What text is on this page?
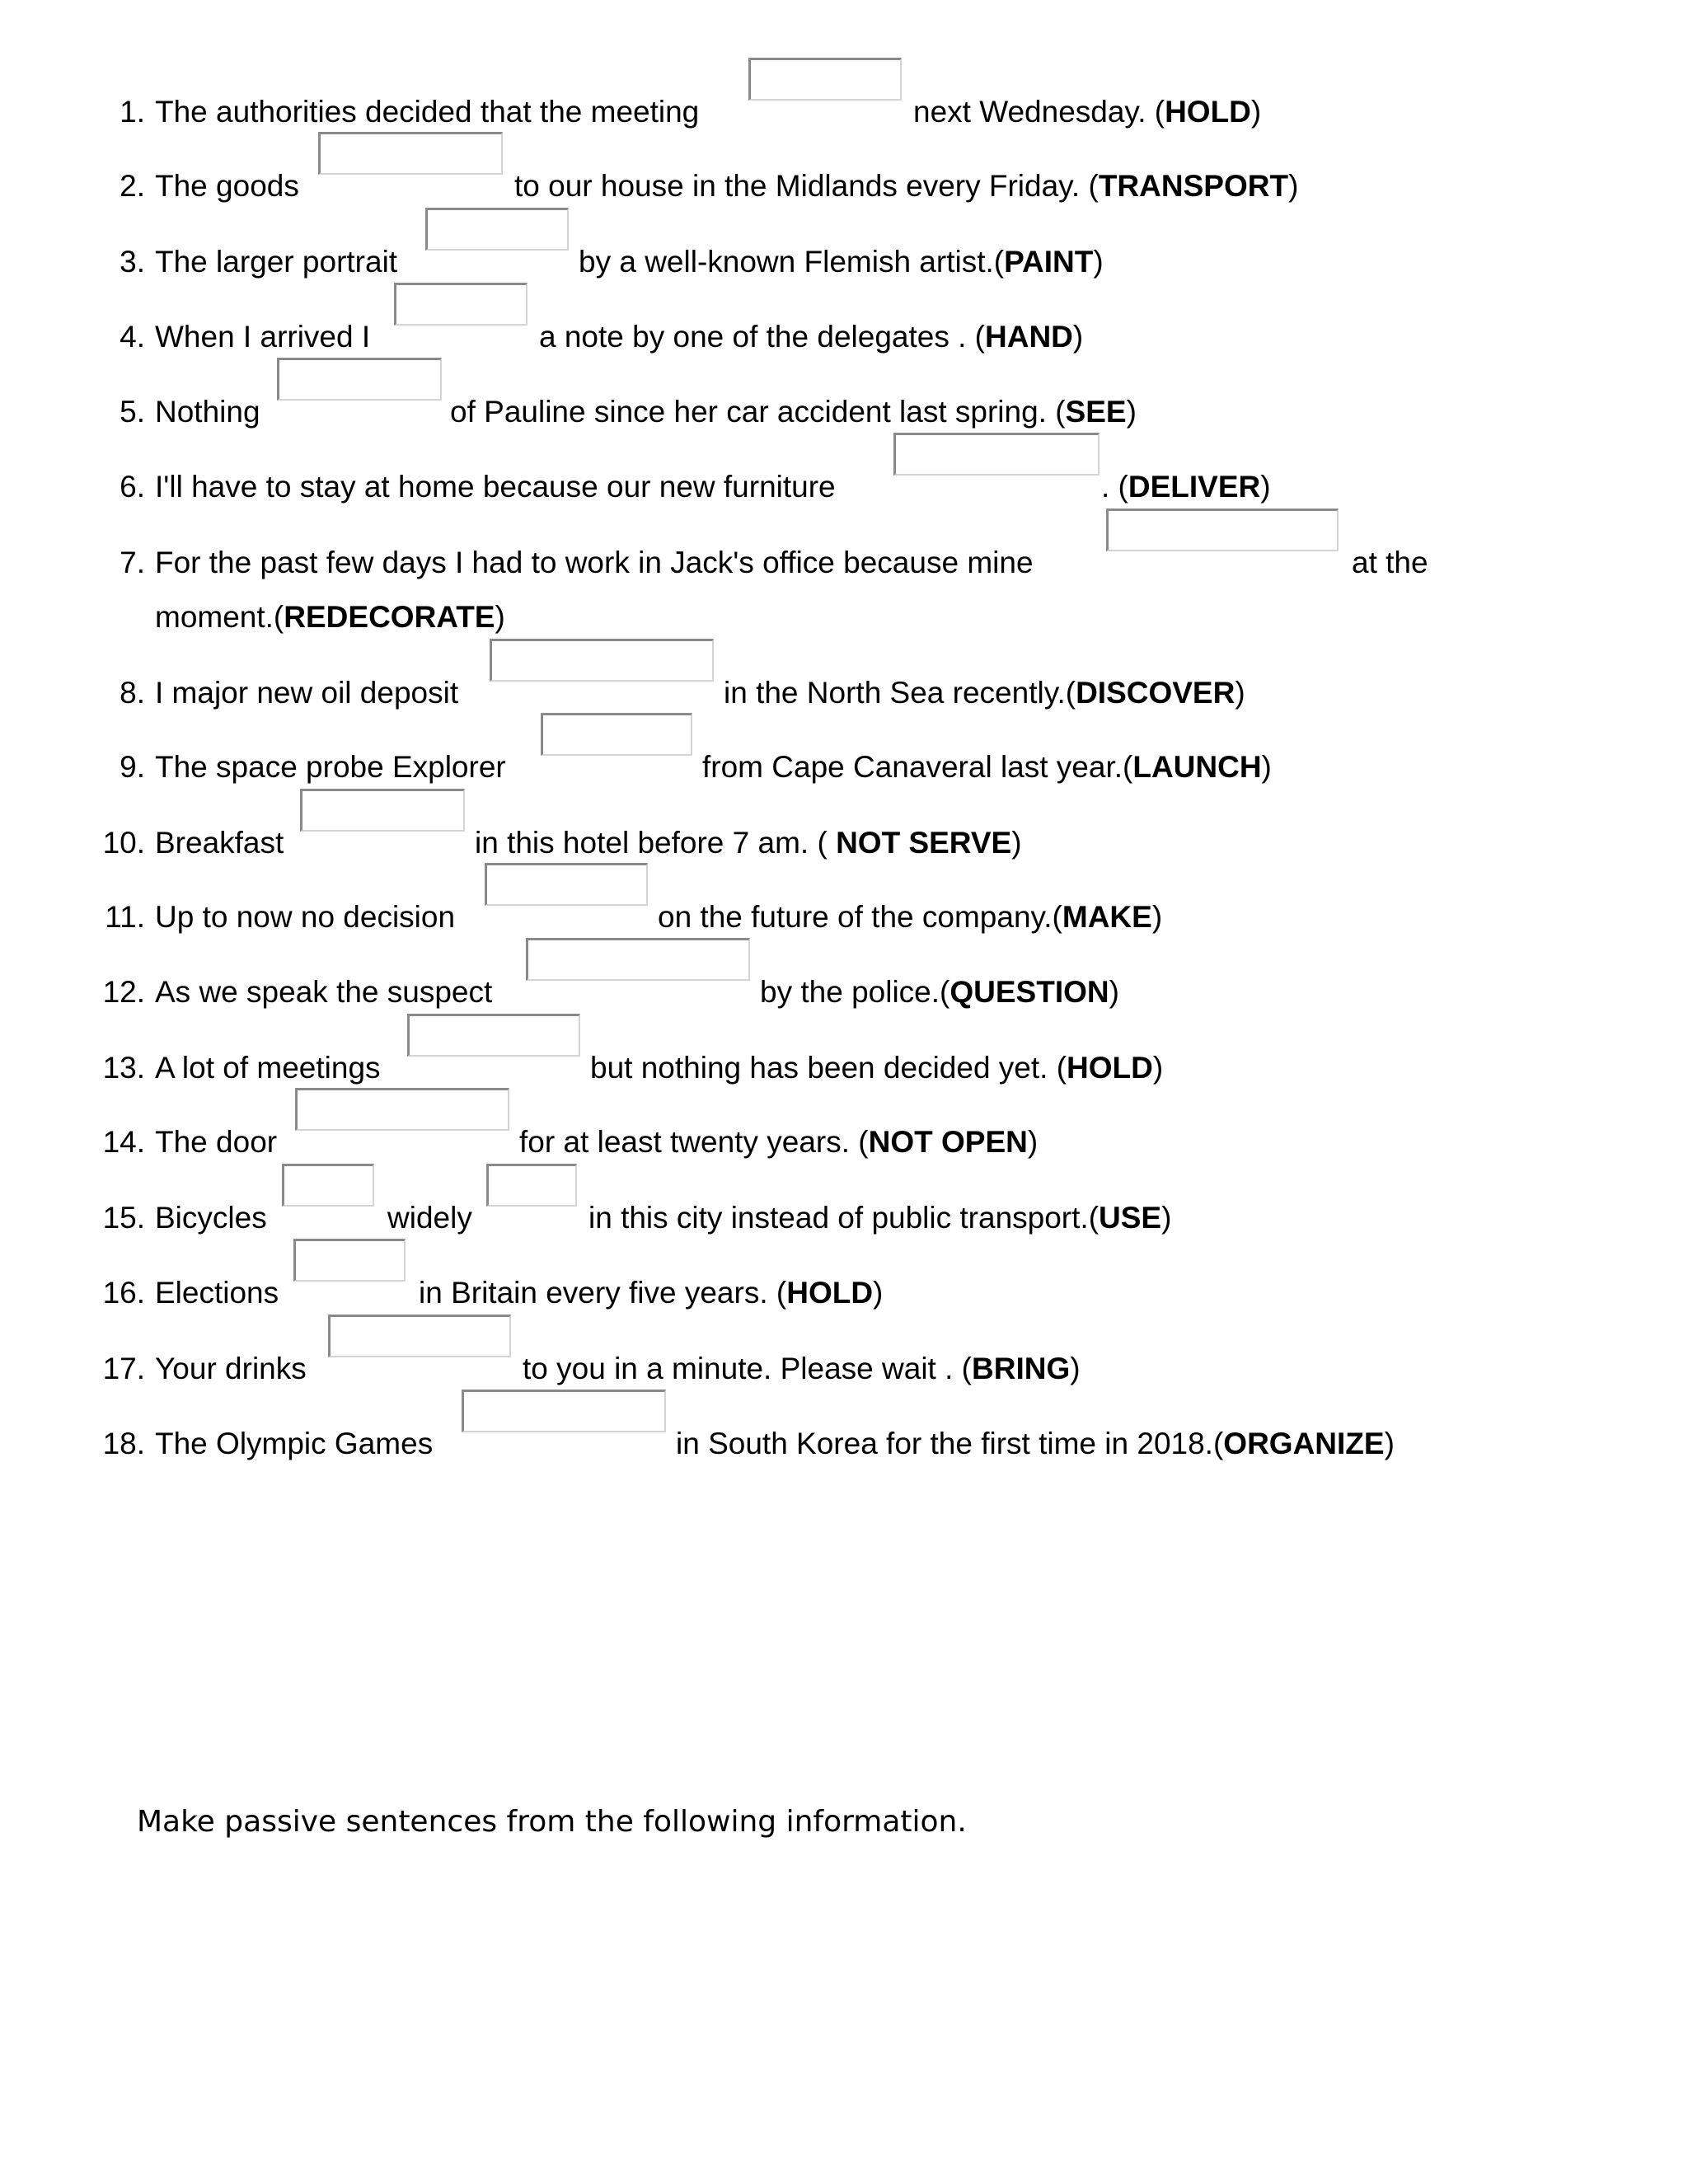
1. The authorities decided that the meeting	next Wednesday. (HOLD)
2. The goods	to our house in the Midlands every Friday. (TRANSPORT)
3. The larger portrait	by a well-known Flemish artist.(PAINT)
4. When I arrived I	a note by one of the delegates . (HAND)
5. Nothing	of Pauline since her car accident last spring. (SEE)
6. I'll have to stay at home because our new furniture	. (DELIVER)
7. For the past few days I had to work in Jack's office because mine	at the
moment.(REDECORATE)
8. I major new oil deposit	in the North Sea recently.(DISCOVER)
9. The space probe Explorer	from Cape Canaveral last year.(LAUNCH)
10. Breakfast	in this hotel before 7 am. ( NOT SERVE)
11. Up to now no decision	on the future of the company.(MAKE)
12. As we speak the suspect	by the police.(QUESTION)
13. A lot of meetings	but nothing has been decided yet. (HOLD)
14. The door	for at least twenty years. (NOT OPEN)
15. Bicycles	widely	in this city instead of public transport.(USE)
16. Elections	in Britain every five years. (HOLD)
17. Your drinks	to you in a minute. Please wait . (BRING)
18. The Olympic Games	in South Korea for the first time in 2018.(ORGANIZE)
Make passive sentences from the following information.
